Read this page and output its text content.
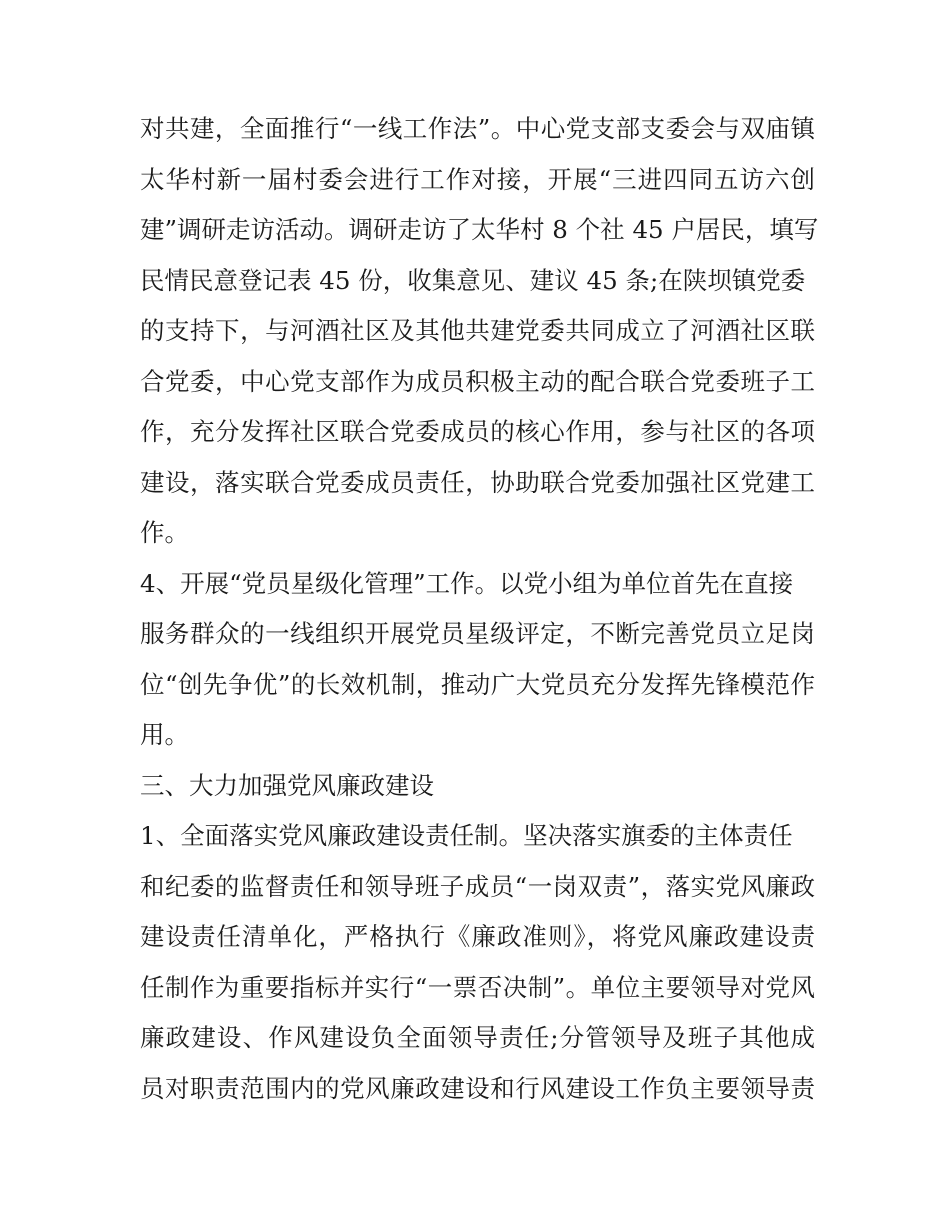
对共建，全面推行“一线工作法”。中心党支部支委会与双庙镇
太华村新一届村委会进行工作对接，开展“三进四同五访六创
建”调研走访活动。调研走访了太华村 8 个社 45 户居民，填写
民情民意登记表 45 份，收集意见、建议 45 条;在陕坝镇党委
的支持下，与河酒社区及其他共建党委共同成立了河酒社区联
合党委，中心党支部作为成员积极主动的配合联合党委班子工
作，充分发挥社区联合党委成员的核心作用，参与社区的各项
建设，落实联合党委成员责任，协助联合党委加强社区党建工
作。
4、开展“党员星级化管理”工作。以党小组为单位首先在直接
服务群众的一线组织开展党员星级评定，不断完善党员立足岗
位“创先争优”的长效机制，推动广大党员充分发挥先锋模范作
用。
三、大力加强党风廉政建设
1、全面落实党风廉政建设责任制。坚决落实旗委的主体责任
和纪委的监督责任和领导班子成员“一岗双责”，落实党风廉政
建设责任清单化，严格执行《廉政准则》，将党风廉政建设责
任制作为重要指标并实行“一票否决制”。单位主要领导对党风
廉政建设、作风建设负全面领导责任;分管领导及班子其他成
员对职责范围内的党风廉政建设和行风建设工作负主要领导责
